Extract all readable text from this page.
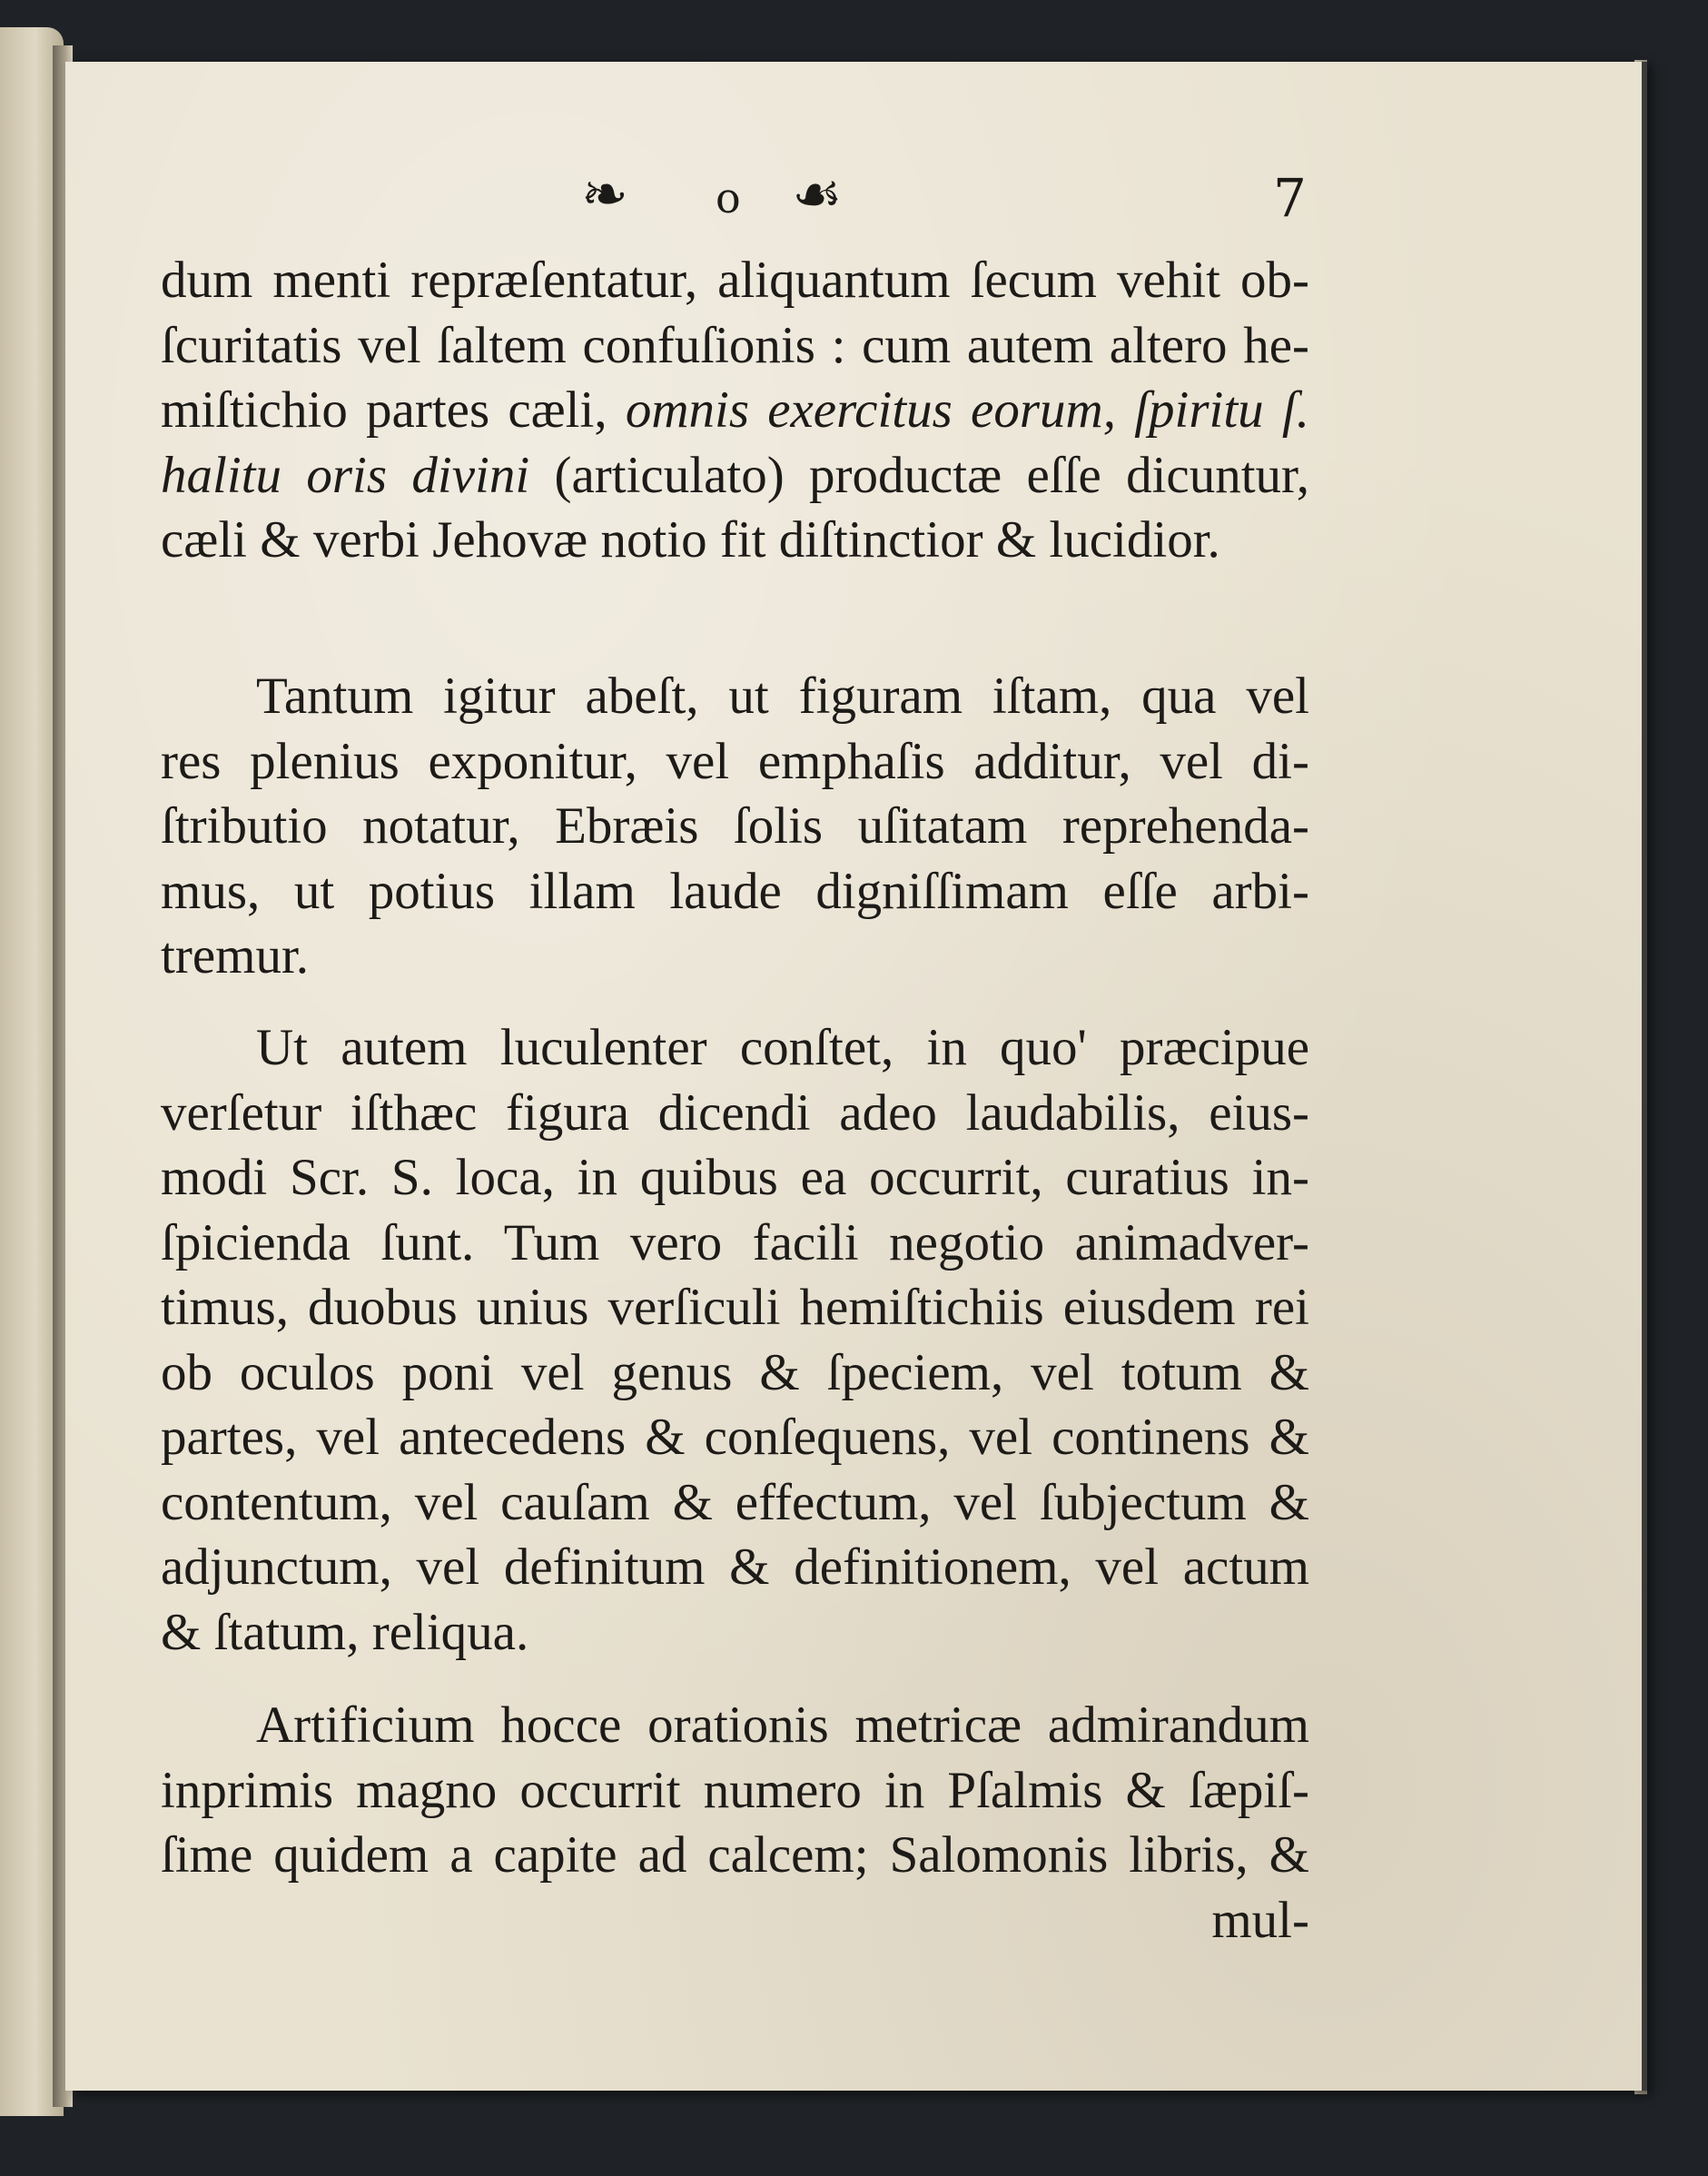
❧ o ☙	7
dum menti repræſentatur, aliquantum ſecum vehit ob-
ſcuritatis vel ſaltem confuſionis : cum autem altero he-
miſtichio partes cæli, omnis exercitus eorum, ſpiritu ſ.
halitu oris divini (articulato) productæ eſſe dicuntur,
cæli & verbi Jehovæ notio fit diſtinctior & lucidior.
Tantum igitur abeſt, ut figuram iſtam, qua vel
res plenius exponitur, vel emphaſis additur, vel di-
ſtributio notatur, Ebræis ſolis uſitatam reprehenda-
mus, ut potius illam laude digniſſimam eſſe arbi-
tremur.
Ut autem luculenter conſtet, in quo' præcipue
verſetur iſthæc figura dicendi adeo laudabilis, eius-
modi Scr. S. loca, in quibus ea occurrit, curatius in-
ſpicienda ſunt. Tum vero facili negotio animadver-
timus, duobus unius verſiculi hemiſtichiis eiusdem rei
ob oculos poni vel genus & ſpeciem, vel totum &
partes, vel antecedens & conſequens, vel continens &
contentum, vel cauſam & effectum, vel ſubjectum &
adjunctum, vel definitum & definitionem, vel actum
& ſtatum, reliqua.
Artificium hocce orationis metricæ admirandum
inprimis magno occurrit numero in Pſalmis & ſæpiſ-
ſime quidem a capite ad calcem; Salomonis libris, &
mul-
